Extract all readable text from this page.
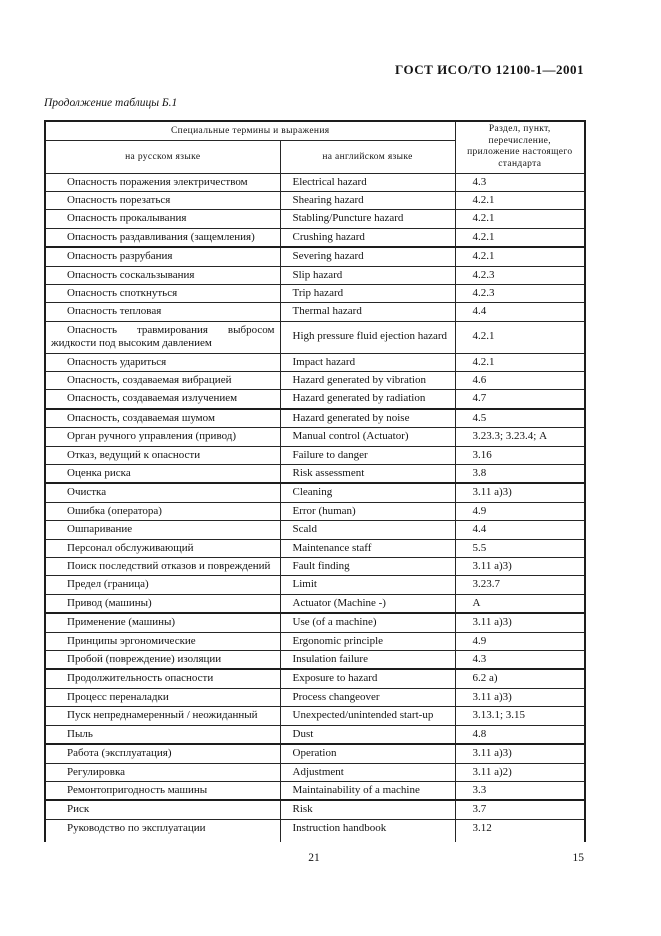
ГОСТ ИСО/ТО 12100-1—2001
Продолжение таблицы Б.1
Специальные термины и выражения		Раздел, пункт, перечисление, приложение настоящего стандарта
на русском языке	на английском языке	
Опасность поражения электричеством	Electrical hazard	4.3
Опасность порезаться	Shearing hazard	4.2.1
Опасность прокалывания	Stabling/Puncture hazard	4.2.1
Опасность раздавливания (защемления)	Crushing hazard	4.2.1
Опасность разрубания	Severing hazard	4.2.1
Опасность соскальзывания	Slip hazard	4.2.3
Опасность споткнуться	Trip hazard	4.2.3
Опасность тепловая	Thermal hazard	4.4
Опасность травмирования выбросом жидкости под высоким давлением	High pressure fluid ejection hazard	4.2.1
Опасность удариться	Impact hazard	4.2.1
Опасность, создаваемая вибрацией	Hazard generated by vibration	4.6
Опасность, создаваемая излучением	Hazard generated by radiation	4.7
Опасность, создаваемая шумом	Hazard generated by noise	4.5
Орган ручного управления (привод)	Manual control (Actuator)	3.23.3; 3.23.4; А
Отказ, ведущий к опасности	Failure to danger	3.16
Оценка риска	Risk assessment	3.8
Очистка	Cleaning	3.11 а)3)
Ошибка (оператора)	Error (human)	4.9
Ошпаривание	Scald	4.4
Персонал обслуживающий	Maintenance staff	5.5
Поиск последствий отказов и повреждений	Fault finding	3.11 а)3)
Предел (граница)	Limit	3.23.7
Привод (машины)	Actuator (Machine -)	А
Применение (машины)	Use (of a machine)	3.11 а)3)
Принципы эргономические	Ergonomic principle	4.9
Пробой (повреждение) изоляции	Insulation failure	4.3
Продолжительность опасности	Exposure to hazard	6.2 а)
Процесс переналадки	Process changeover	3.11 а)3)
Пуск непреднамеренный / неожиданный	Unexpected/unintended start-up	3.13.1; 3.15
Пыль	Dust	4.8
Работа (эксплуатация)	Operation	3.11 а)3)
Регулировка	Adjustment	3.11 а)2)
Ремонтопригодность машины	Maintainability of a machine	3.3
Риск	Risk	3.7
Руководство по эксплуатации	Instruction handbook	3.12
21	15
